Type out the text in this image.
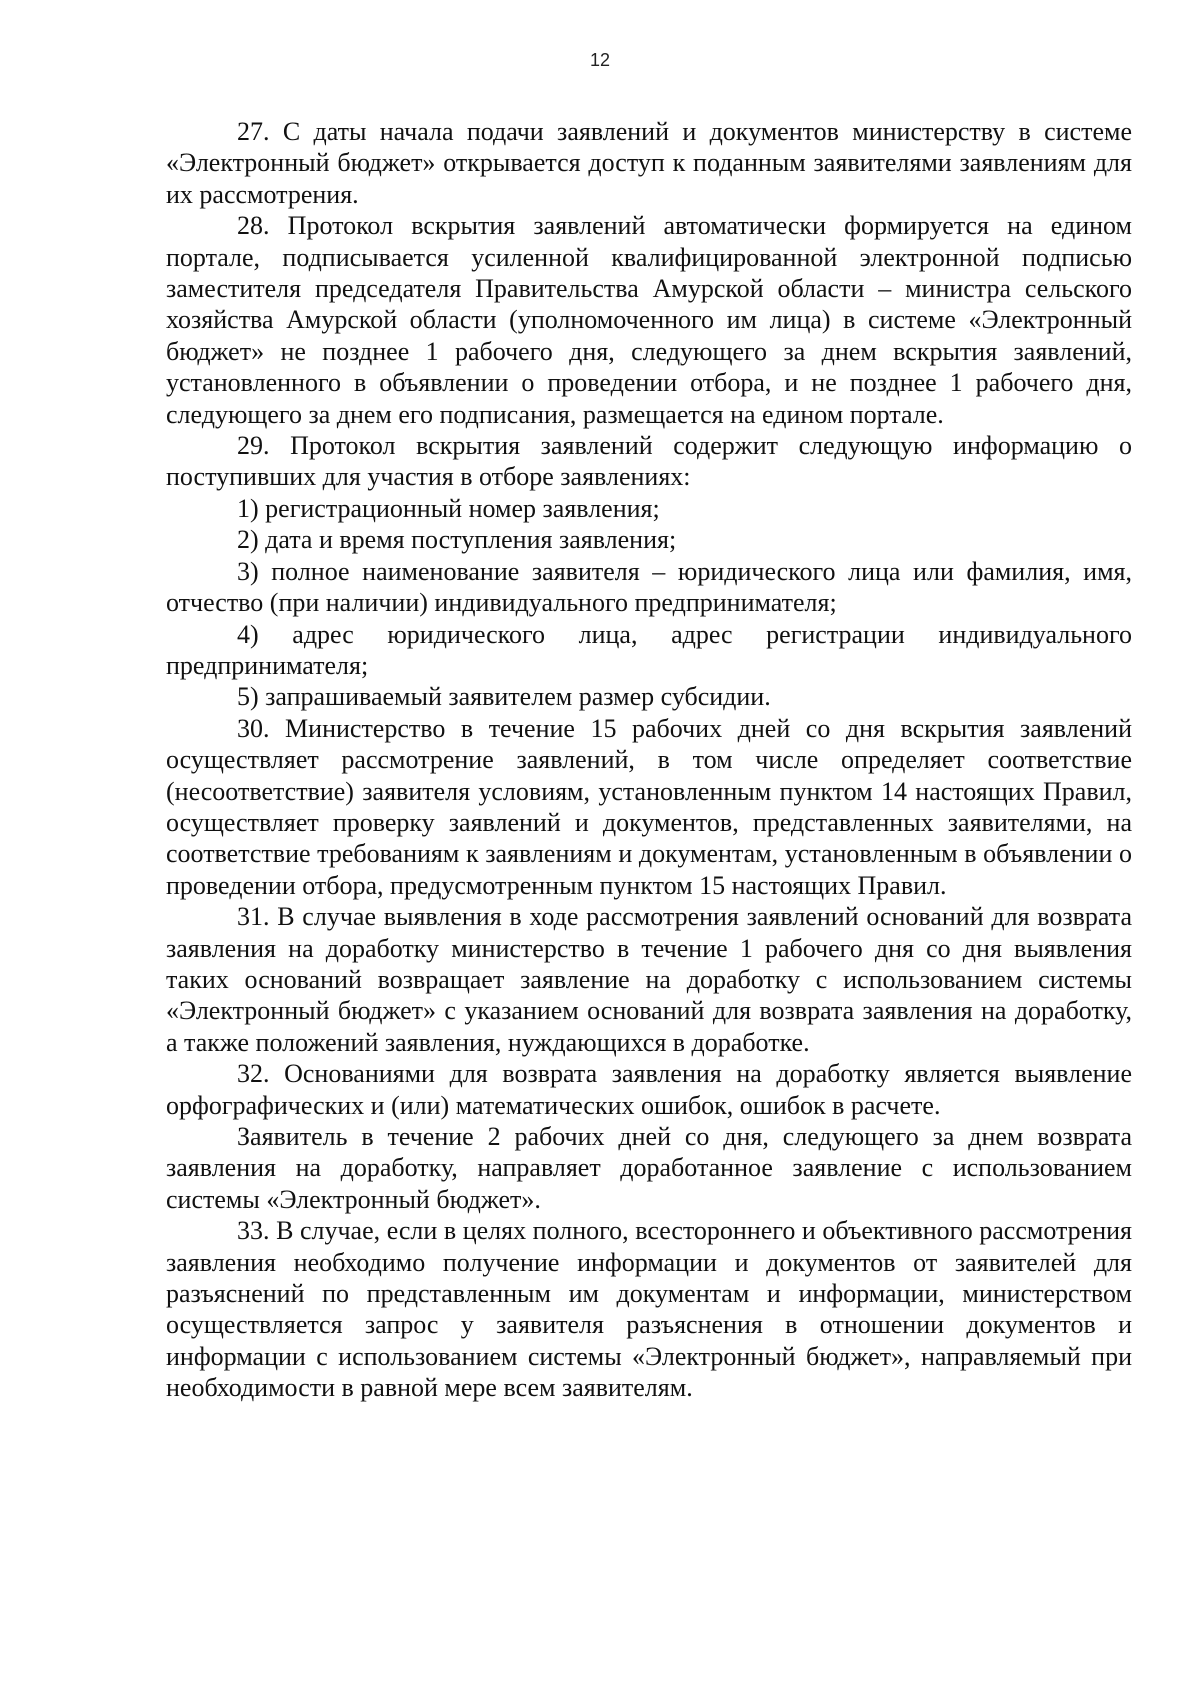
12

27. С даты начала подачи заявлений и документов министерству в системе «Электронный бюджет» открывается доступ к поданным заявителями заявлениям для их рассмотрения.

28. Протокол вскрытия заявлений автоматически формируется на едином портале, подписывается усиленной квалифицированной электронной подписью заместителя председателя Правительства Амурской области – министра сельского хозяйства Амурской области (уполномоченного им лица) в системе «Электронный бюджет» не позднее 1 рабочего дня, следующего за днем вскрытия заявлений, установленного в объявлении о проведении отбора, и не позднее 1 рабочего дня, следующего за днем его подписания, размещается на едином портале.

29. Протокол вскрытия заявлений содержит следующую информацию о поступивших для участия в отборе заявлениях:

1) регистрационный номер заявления;

2) дата и время поступления заявления;

3) полное наименование заявителя – юридического лица или фамилия, имя, отчество (при наличии) индивидуального предпринимателя;

4) адрес юридического лица, адрес регистрации индивидуального предпринимателя;

5) запрашиваемый заявителем размер субсидии.

30. Министерство в течение 15 рабочих дней со дня вскрытия заявлений осуществляет рассмотрение заявлений, в том числе определяет соответствие (несоответствие) заявителя условиям, установленным пунктом 14 настоящих Правил, осуществляет проверку заявлений и документов, представленных заявителями, на соответствие требованиям к заявлениям и документам, установленным в объявлении о проведении отбора, предусмотренным пунктом 15 настоящих Правил.

31. В случае выявления в ходе рассмотрения заявлений оснований для возврата заявления на доработку министерство в течение 1 рабочего дня со дня выявления таких оснований возвращает заявление на доработку с использованием системы «Электронный бюджет» с указанием оснований для возврата заявления на доработку, а также положений заявления, нуждающихся в доработке.

32. Основаниями для возврата заявления на доработку является выявление орфографических и (или) математических ошибок, ошибок в расчете.

Заявитель в течение 2 рабочих дней со дня, следующего за днем возврата заявления на доработку, направляет доработанное заявление с использованием системы «Электронный бюджет».

33. В случае, если в целях полного, всестороннего и объективного рассмотрения заявления необходимо получение информации и документов от заявителей для разъяснений по представленным им документам и информации, министерством осуществляется запрос у заявителя разъяснения в отношении документов и информации с использованием системы «Электронный бюджет», направляемый при необходимости в равной мере всем заявителям.
